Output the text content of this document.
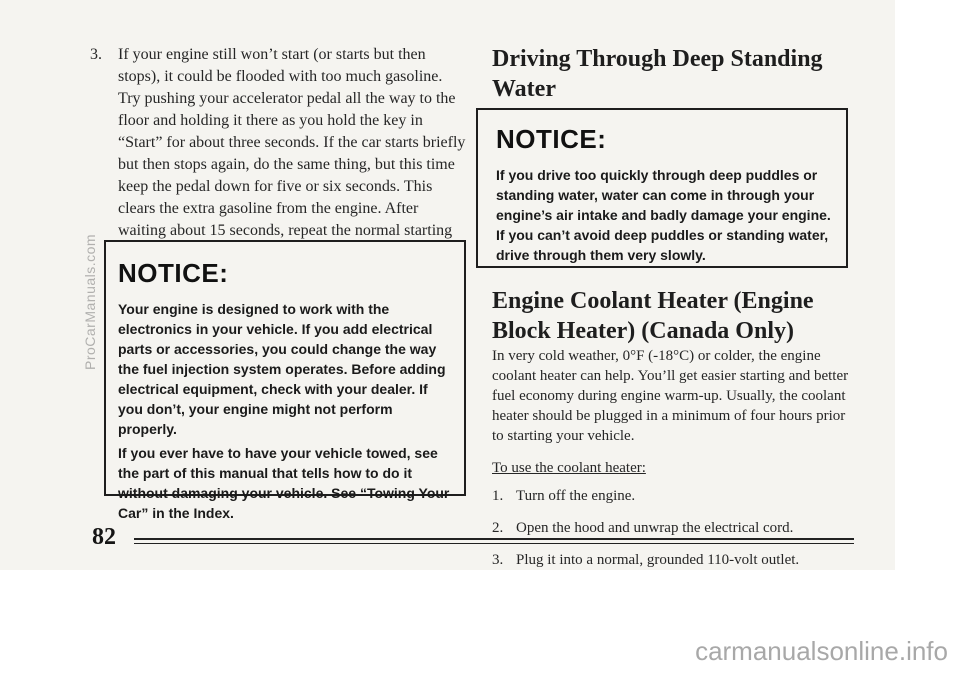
3.	If your engine still won’t start (or starts but then stops), it could be flooded with too much gasoline. Try pushing your accelerator pedal all the way to the floor and holding it there as you hold the key in “Start” for about three seconds. If the car starts briefly but then stops again, do the same thing, but this time keep the pedal down for five or six seconds. This clears the extra gasoline from the engine. After waiting about 15 seconds, repeat the normal starting
NOTICE:

Your engine is designed to work with the electronics in your vehicle. If you add electrical parts or accessories, you could change the way the fuel injection system operates. Before adding electrical equipment, check with your dealer. If you don’t, your engine might not perform properly.

If you ever have to have your vehicle towed, see the part of this manual that tells how to do it without damaging your vehicle. See “Towing Your Car” in the Index.

Driving Through Deep Standing Water
NOTICE:

If you drive too quickly through deep puddles or standing water, water can come in through your engine’s air intake and badly damage your engine. If you can’t avoid deep puddles or standing water, drive through them very slowly.

Engine Coolant Heater (Engine Block Heater) (Canada Only)

In very cold weather, 0°F (-18°C) or colder, the engine coolant heater can help. You’ll get easier starting and better fuel economy during engine warm-up. Usually, the coolant heater should be plugged in a minimum of four hours prior to starting your vehicle.

To use the coolant heater:

1. Turn off the engine.
2. Open the hood and unwrap the electrical cord.
3. Plug it into a normal, grounded 110-volt outlet.
82
ProCarManuals.com
carmanualsonline.info
